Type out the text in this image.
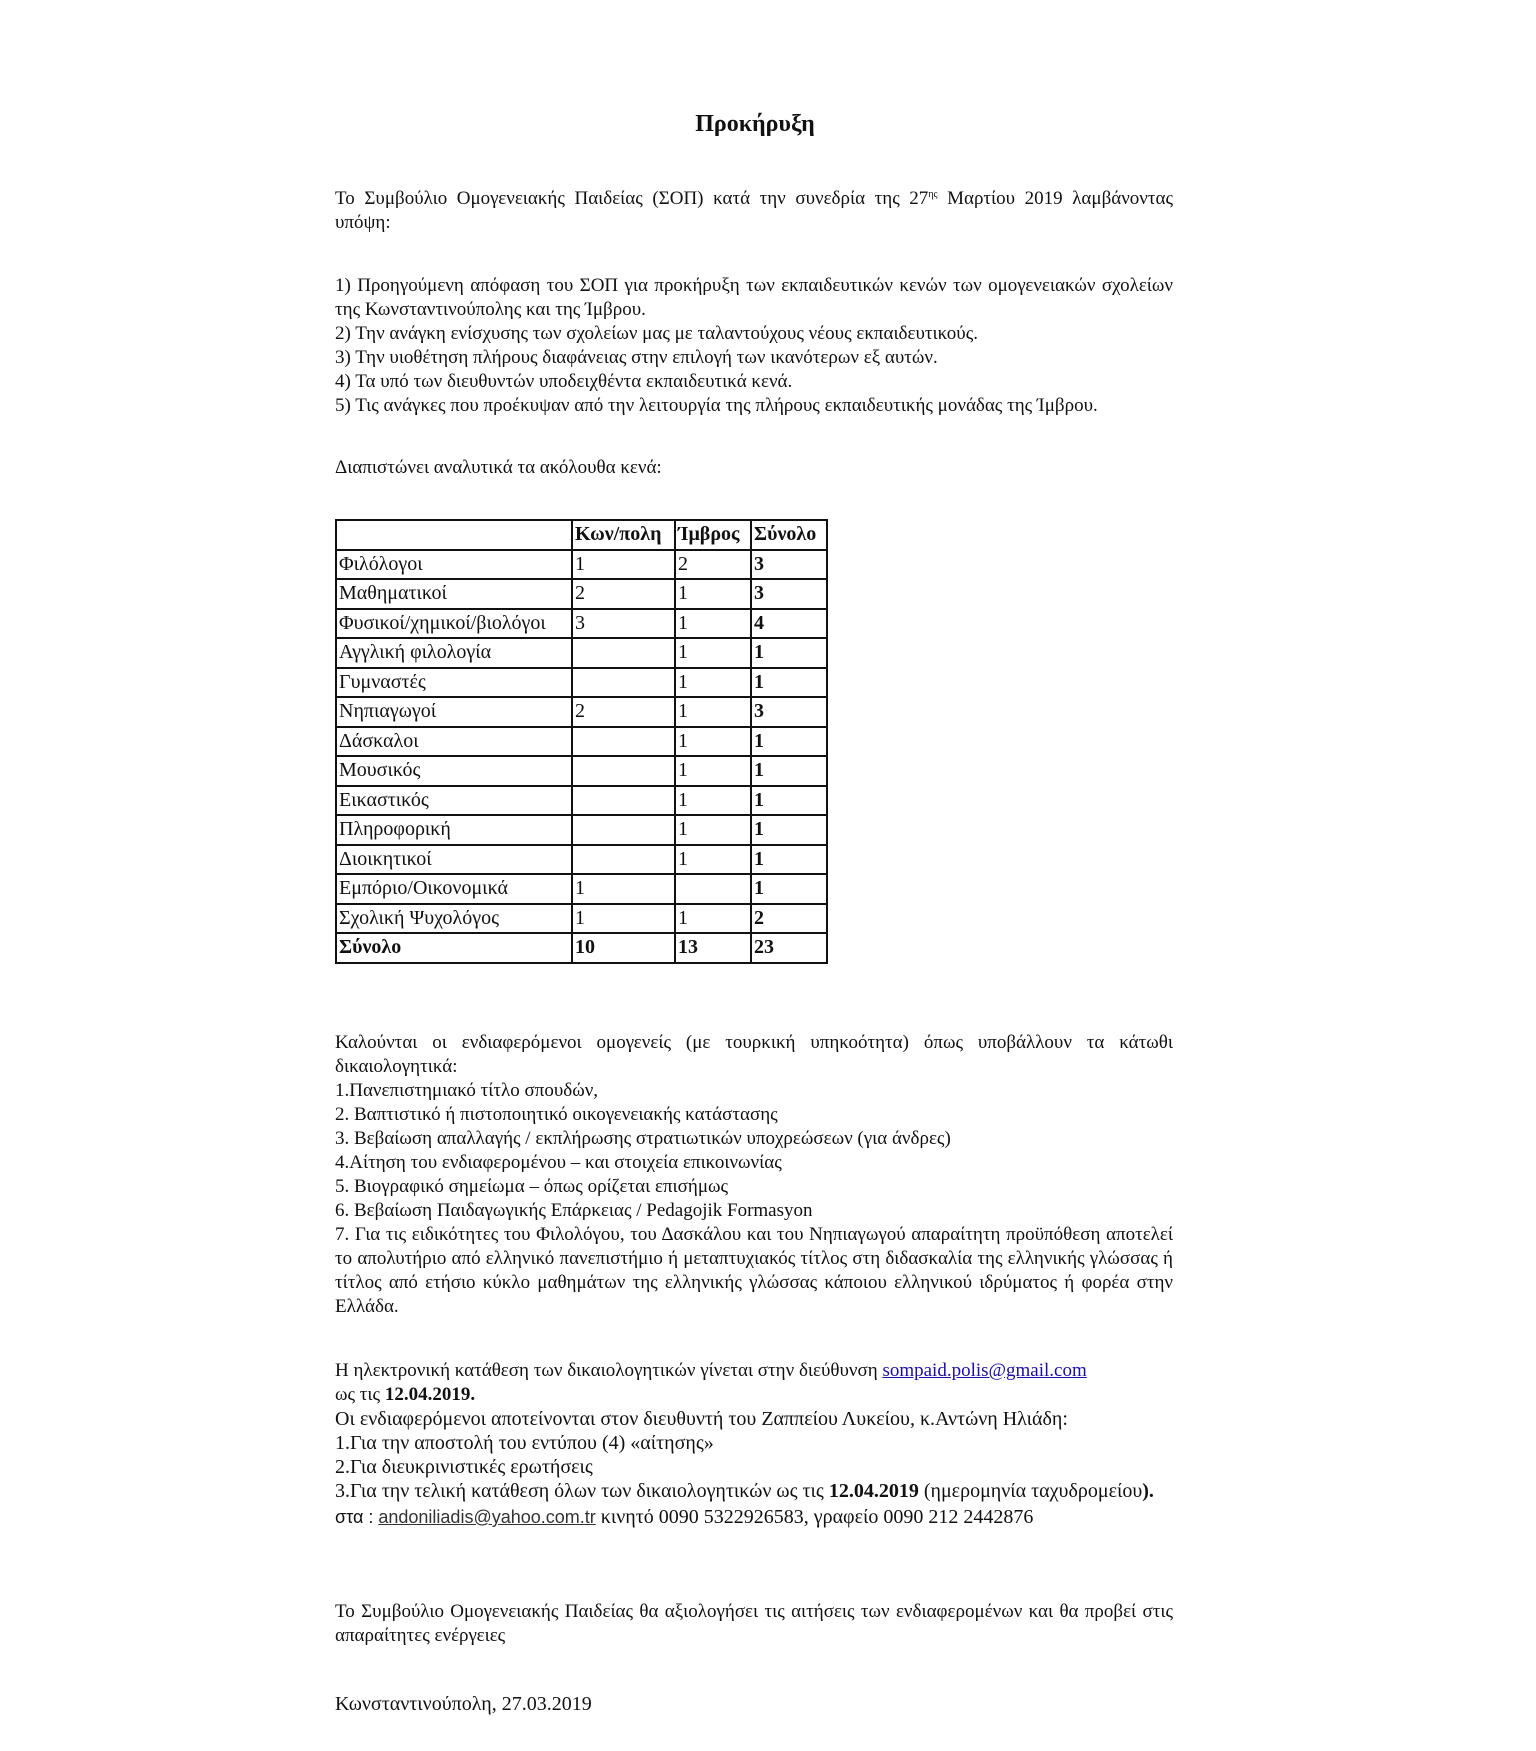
Προκήρυξη
Το Συμβούλιο Ομογενειακής Παιδείας (ΣΟΠ) κατά την συνεδρία της $27^{\eta\varsigma}$ Μαρτίου 2019 λαμβάνοντας υπόψη:

1) Προηγούμενη απόφαση του ΣΟΠ για προκήρυξη των εκπαιδευτικών κενών των ομογενειακών σχολείων της Κωνσταντινούπολης και της Ίμβρου.

2) Την ανάγκη ενίσχυσης των σχολείων μας με ταλαντούχους νέους εκπαιδευτικούς.

3) Την υιοθέτηση πλήρους διαφάνειας στην επιλογή των ικανότερων εξ αυτών.

4) Τα υπό των διευθυντών υποδειχθέντα εκπαιδευτικά κενά.

5) Τις ανάγκες που προέκυψαν από την λειτουργία της πλήρους εκπαιδευτικής μονάδας της Ίμβρου.

Διαπιστώνει αναλυτικά τα ακόλουθα κενά:
	Κων/πολη	Ίμβρος	Σύνολο
Φιλόλογοι	1	2	3
Μαθηματικοί	2	1	3
Φυσικοί/χημικοί/βιολόγοι	3	1	4
Αγγλική φιλολογία		1	1
Γυμναστές		1	1
Νηπιαγωγοί	2	1	3
Δάσκαλοι		1	1
Μουσικός		1	1
Εικαστικός		1	1
Πληροφορική		1	1
Διοικητικοί		1	1
Εμπόριο/Οικονομικά	1		1
Σχολική Ψυχολόγος	1	1	2
Σύνολο	10	13	23

Καλούνται οι ενδιαφερόμενοι ομογενείς (με τουρκική υπηκοότητα) όπως υποβάλλουν τα κάτωθι δικαιολογητικά:

1.Πανεπιστημιακό τίτλο σπουδών,

2. Βαπτιστικό ή πιστοποιητικό οικογενειακής κατάστασης

3. Βεβαίωση απαλλαγής / εκπλήρωσης στρατιωτικών υποχρεώσεων (για άνδρες)

4.Αίτηση του ενδιαφερομένου – και στοιχεία επικοινωνίας

5. Βιογραφικό σημείωμα – όπως ορίζεται επισήμως

6. Βεβαίωση Παιδαγωγικής Επάρκειας / Pedagojik Formasyon

7. Για τις ειδικότητες του Φιλολόγου, του Δασκάλου και του Νηπιαγωγού απαραίτητη προϋπόθεση αποτελεί το απολυτήριο από ελληνικό πανεπιστήμιο ή μεταπτυχιακός τίτλος στη διδασκαλία της ελληνικής γλώσσας ή τίτλος από ετήσιο κύκλο μαθημάτων της ελληνικής γλώσσας κάποιου ελληνικού ιδρύματος ή φορέα στην Ελλάδα.

Η ηλεκτρονική κατάθεση των δικαιολογητικών γίνεται στην διεύθυνση sompaid.polis@gmail.com

ως τις 12.04.2019.

Οι ενδιαφερόμενοι αποτείνονται στον διευθυντή του Ζαππείου Λυκείου, κ.Αντώνη Ηλιάδη:

1.Για την αποστολή του εντύπου (4) «αίτησης»

2.Για διευκρινιστικές ερωτήσεις

3.Για την τελική κατάθεση όλων των δικαιολογητικών ως τις 12.04.2019 (ημερομηνία ταχυδρομείου).

στα : andoniliadis@yahoo.com.tr κινητό 0090 5322926583, γραφείο 0090 212 2442876

Το Συμβούλιο Ομογενειακής Παιδείας θα αξιολογήσει τις αιτήσεις των ενδιαφερομένων και θα προβεί στις απαραίτητες ενέργειες
Κωνσταντινούπολη, 27.03.2019
